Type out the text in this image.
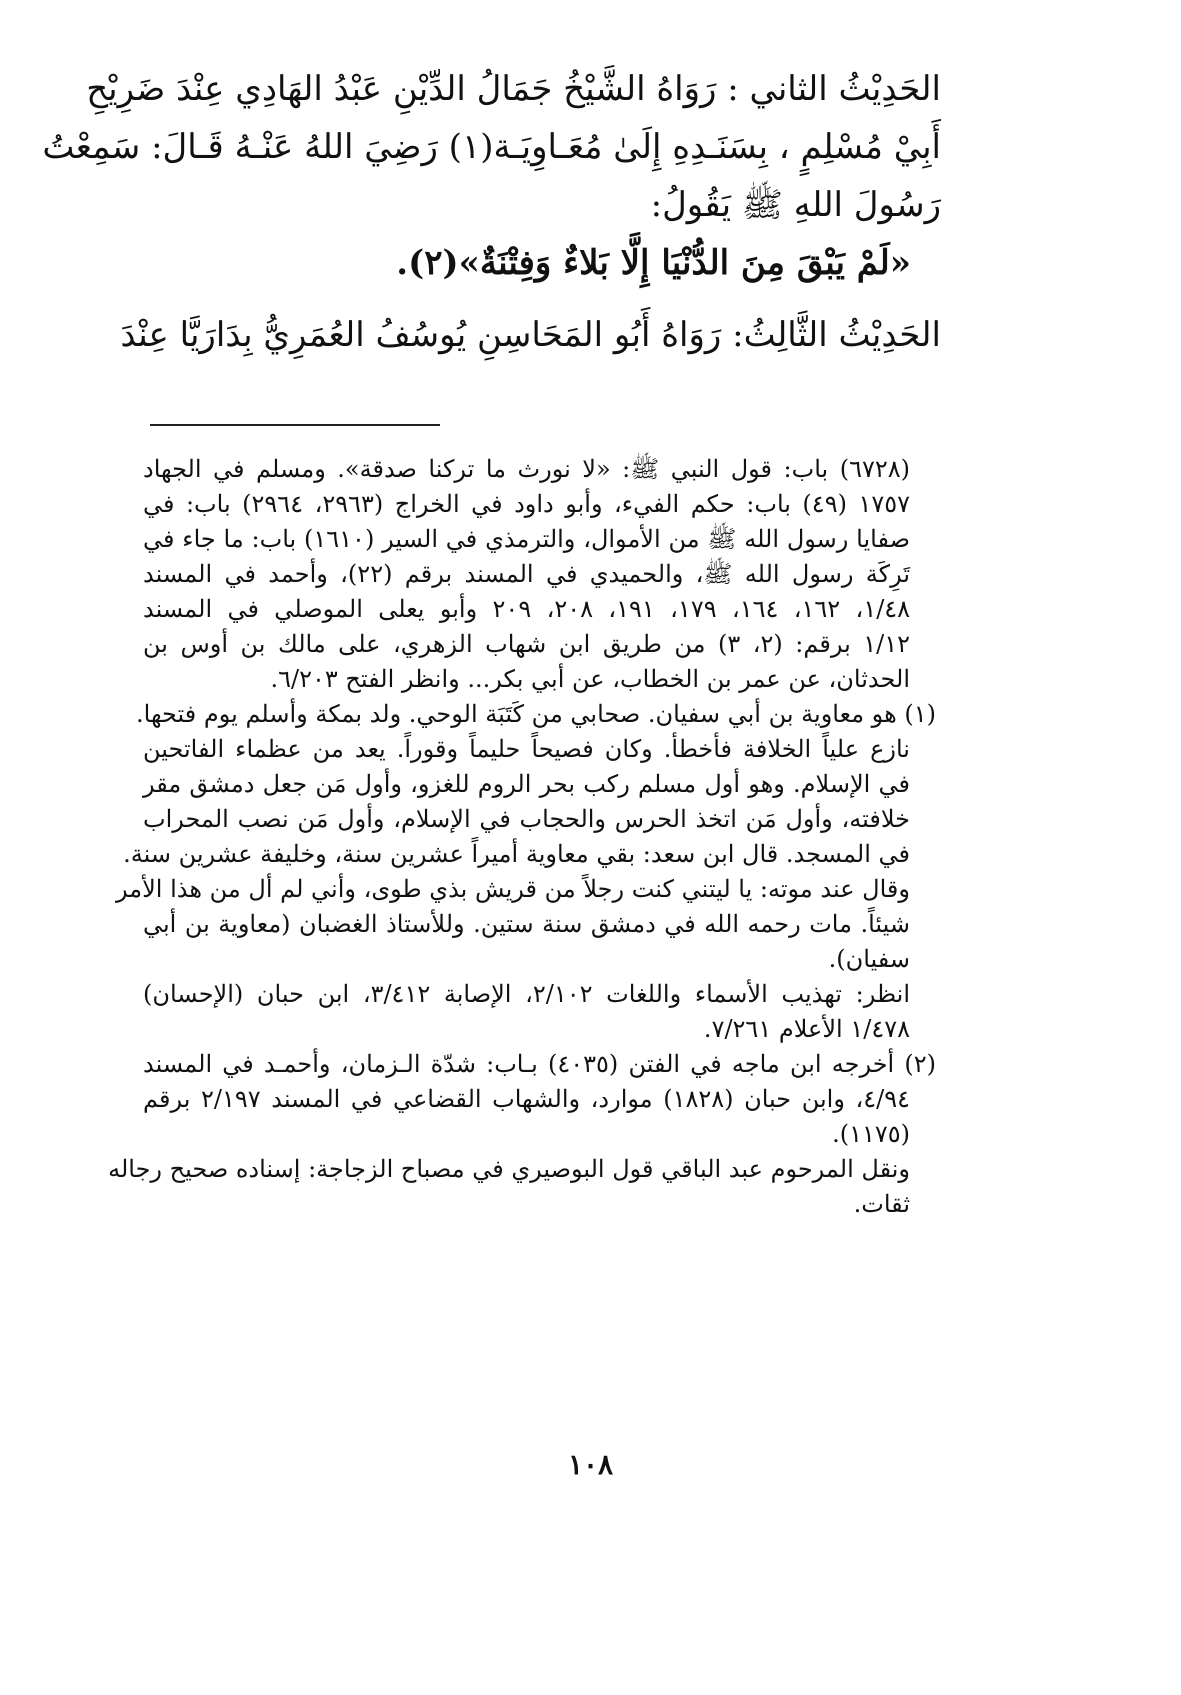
الحَدِيْثُ الثاني : رَوَاهُ الشَّيْخُ جَمَالُ الدِّيْنِ عَبْدُ الهَادِي عِنْدَ ضَرِيْحِ
أَبِيْ مُسْلِمٍ ، بِسَنَـدِهِ إِلَىٰ مُعَـاوِيَـة(١) رَضِيَ اللهُ عَنْـهُ قَـالَ: سَمِعْتُ
رَسُولَ اللهِ ﷺ يَقُولُ:
«لَمْ يَبْقَ مِنَ الدُّنْيَا إِلَّا بَلاءٌ وَفِتْنَةٌ»(٢).
الحَدِيْثُ الثَّالِثُ: رَوَاهُ أَبُو المَحَاسِنِ يُوسُفُ العُمَرِيُّ بِدَارَيَّا عِنْدَ
(٦٧٢٨) باب: قول النبي ﷺ: «لا نورث ما تركنا صدقة». ومسلم في الجهاد
١٧٥٧ (٤٩) باب: حكم الفيء، وأبو داود في الخراج (٢٩٦٣، ٢٩٦٤) باب: في
صفايا رسول الله ﷺ من الأموال، والترمذي في السير (١٦١٠) باب: ما جاء في
تَرِكَة رسول الله ﷺ، والحميدي في المسند برقم (٢٢)، وأحمد في المسند
١/٤٨، ١٦٢، ١٦٤، ١٧٩، ١٩١، ٢٠٨، ٢٠٩ وأبو يعلى الموصلي في المسند
١/١٢ برقم: (٢، ٣) من طريق ابن شهاب الزهري، على مالك بن أوس بن
الحدثان، عن عمر بن الخطاب، عن أبي بكر... وانظر الفتح ٦/٢٠٣.
(١) هو معاوية بن أبي سفيان. صحابي من كَتَبَة الوحي. ولد بمكة وأسلم يوم فتحها.
نازع علياً الخلافة فأخطأ. وكان فصيحاً حليماً وقوراً. يعد من عظماء الفاتحين
في الإسلام. وهو أول مسلم ركب بحر الروم للغزو، وأول مَن جعل دمشق مقر
خلافته، وأول مَن اتخذ الحرس والحجاب في الإسلام، وأول مَن نصب المحراب
في المسجد. قال ابن سعد: بقي معاوية أميراً عشرين سنة، وخليفة عشرين سنة.
وقال عند موته: يا ليتني كنت رجلاً من قريش بذي طوى، وأني لم أل من هذا الأمر
شيئاً. مات رحمه الله في دمشق سنة ستين. وللأستاذ الغضبان (معاوية بن أبي
سفيان).
انظر: تهذيب الأسماء واللغات ٢/١٠٢، الإصابة ٣/٤١٢، ابن حبان (الإحسان)
١/٤٧٨ الأعلام ٧/٢٦١.
(٢) أخرجه ابن ماجه في الفتن (٤٠٣٥) بـاب: شدّة الـزمان، وأحمـد في المسند
٤/٩٤، وابن حبان (١٨٢٨) موارد، والشهاب القضاعي في المسند ٢/١٩٧ برقم
(١١٧٥).
ونقل المرحوم عبد الباقي قول البوصيري في مصباح الزجاجة: إسناده صحيح رجاله
ثقات.
١٠٨
